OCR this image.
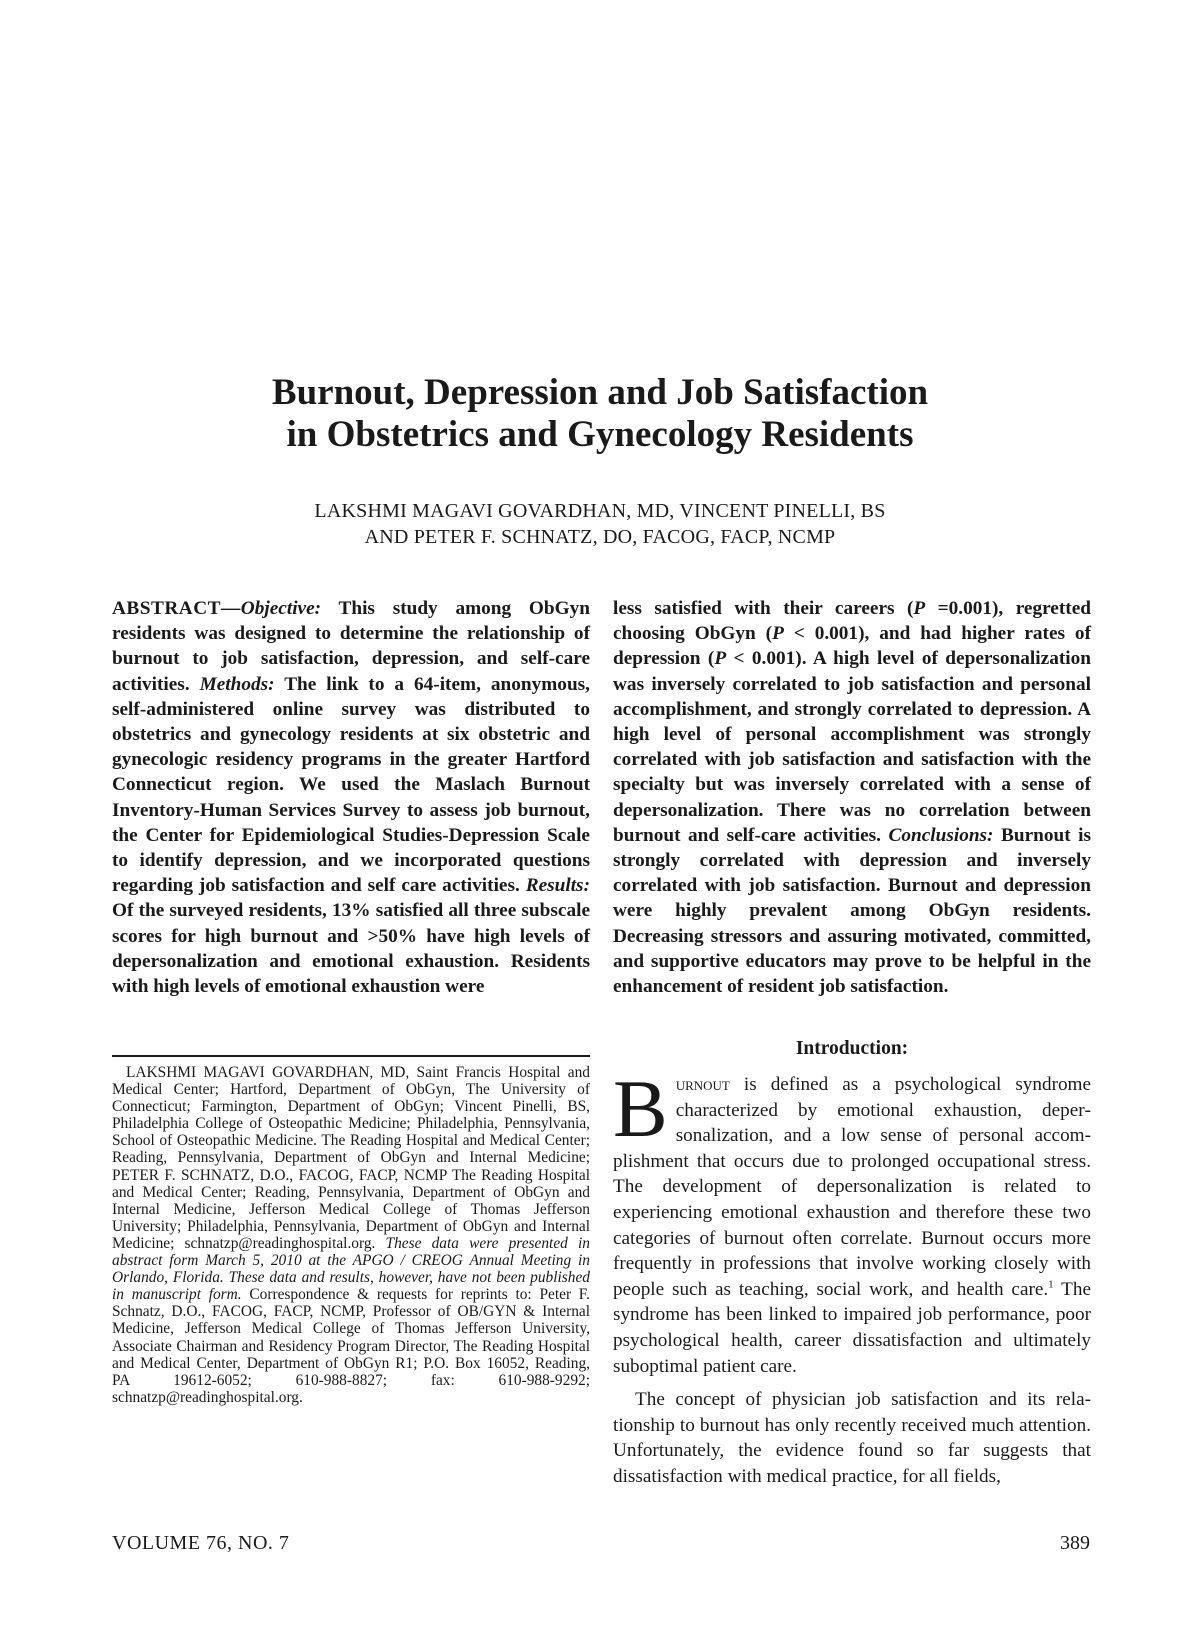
Burnout, Depression and Job Satisfaction
in Obstetrics and Gynecology Residents
LAKSHMI MAGAVI GOVARDHAN, MD, VINCENT PINELLI, BS
AND PETER F. SCHNATZ, DO, FACOG, FACP, NCMP

ABSTRACT—Objective: This study among ObGyn residents was designed to determine the relationship of burnout to job satisfaction, depression, and self-care activities. Methods: The link to a 64-item, anonymous, self-administered online survey was distributed to obstetrics and gynecology residents at six obstetric and gynecologic residency programs in the greater Hartford Connecticut region. We used the Maslach Burnout Inventory-Human Services Survey to assess job burnout, the Center for Epidemiological Studies-Depression Scale to identify depression, and we incorporated questions regarding job satisfaction and self care activities. Results: Of the surveyed residents, 13% satisfied all three subscale scores for high burnout and >50% have high levels of depersonalization and emotional exhaustion. Residents with high levels of emotional exhaustion were

less satisfied with their careers (P =0.001), regretted choosing ObGyn (P < 0.001), and had higher rates of depression (P < 0.001). A high level of depersonalization was inversely correlated to job satisfaction and personal accomplishment, and strongly correlated to depression. A high level of personal accomplishment was strongly correlated with job satisfaction and satisfaction with the specialty but was inversely correlated with a sense of depersonalization. There was no correlation between burnout and self-care activities. Conclusions: Burnout is strongly correlated with depression and inversely correlated with job satisfaction. Burnout and depression were highly prevalent among ObGyn residents. Decreasing stressors and assuring motivated, committed, and supportive educators may prove to be helpful in the enhancement of resident job satisfaction.

LAKSHMI MAGAVI GOVARDHAN, MD, Saint Francis Hospital and Medical Center; Hartford, Department of ObGyn, The University of Connecticut; Farmington, Department of ObGyn; Vincent Pinelli, BS, Philadelphia College of Osteopathic Medicine; Philadelphia, Pennsylvania, School of Osteopathic Medicine. The Reading Hospital and Medical Center; Reading, Pennsylvania, Department of ObGyn and Internal Medicine; PETER F. SCHNATZ, D.O., FACOG, FACP, NCMP The Reading Hospital and Medical Center; Reading, Pennsylvania, Department of ObGyn and Internal Medicine, Jefferson Medical College of Thomas Jefferson University; Philadelphia, Pennsylvania, Department of ObGyn and Internal Medicine; schnatzp@readinghospital.org. These data were presented in abstract form March 5, 2010 at the APGO / CREOG Annual Meeting in Orlando, Florida. These data and results, however, have not been published in manuscript form. Correspondence & requests for reprints to: Peter F. Schnatz, D.O., FACOG, FACP, NCMP, Professor of OB/GYN & Internal Medicine, Jefferson Medical College of Thomas Jefferson University, Associate Chairman and Residency Program Director, The Reading Hospital and Medical Center, Department of ObGyn R1; P.O. Box 16052, Reading, PA 19612-6052; 610-988-8827; fax: 610-988-9292; schnatzp@readinghospital.org.

Introduction:

Burnout is defined as a psychological syndrome characterized by emotional exhaustion, depersonalization, and a low sense of personal accomplishment that occurs due to prolonged occupational stress. The development of depersonalization is related to experiencing emotional exhaustion and therefore these two categories of burnout often correlate. Burnout occurs more frequently in professions that involve working closely with people such as teaching, social work, and health care.$^1$ The syndrome has been linked to impaired job performance, poor psychological health, career dissatisfaction and ultimately suboptimal patient care.

The concept of physician job satisfaction and its relationship to burnout has only recently received much attention. Unfortunately, the evidence found so far suggests that dissatisfaction with medical practice, for all fields,

VOLUME 76, NO. 7	389
